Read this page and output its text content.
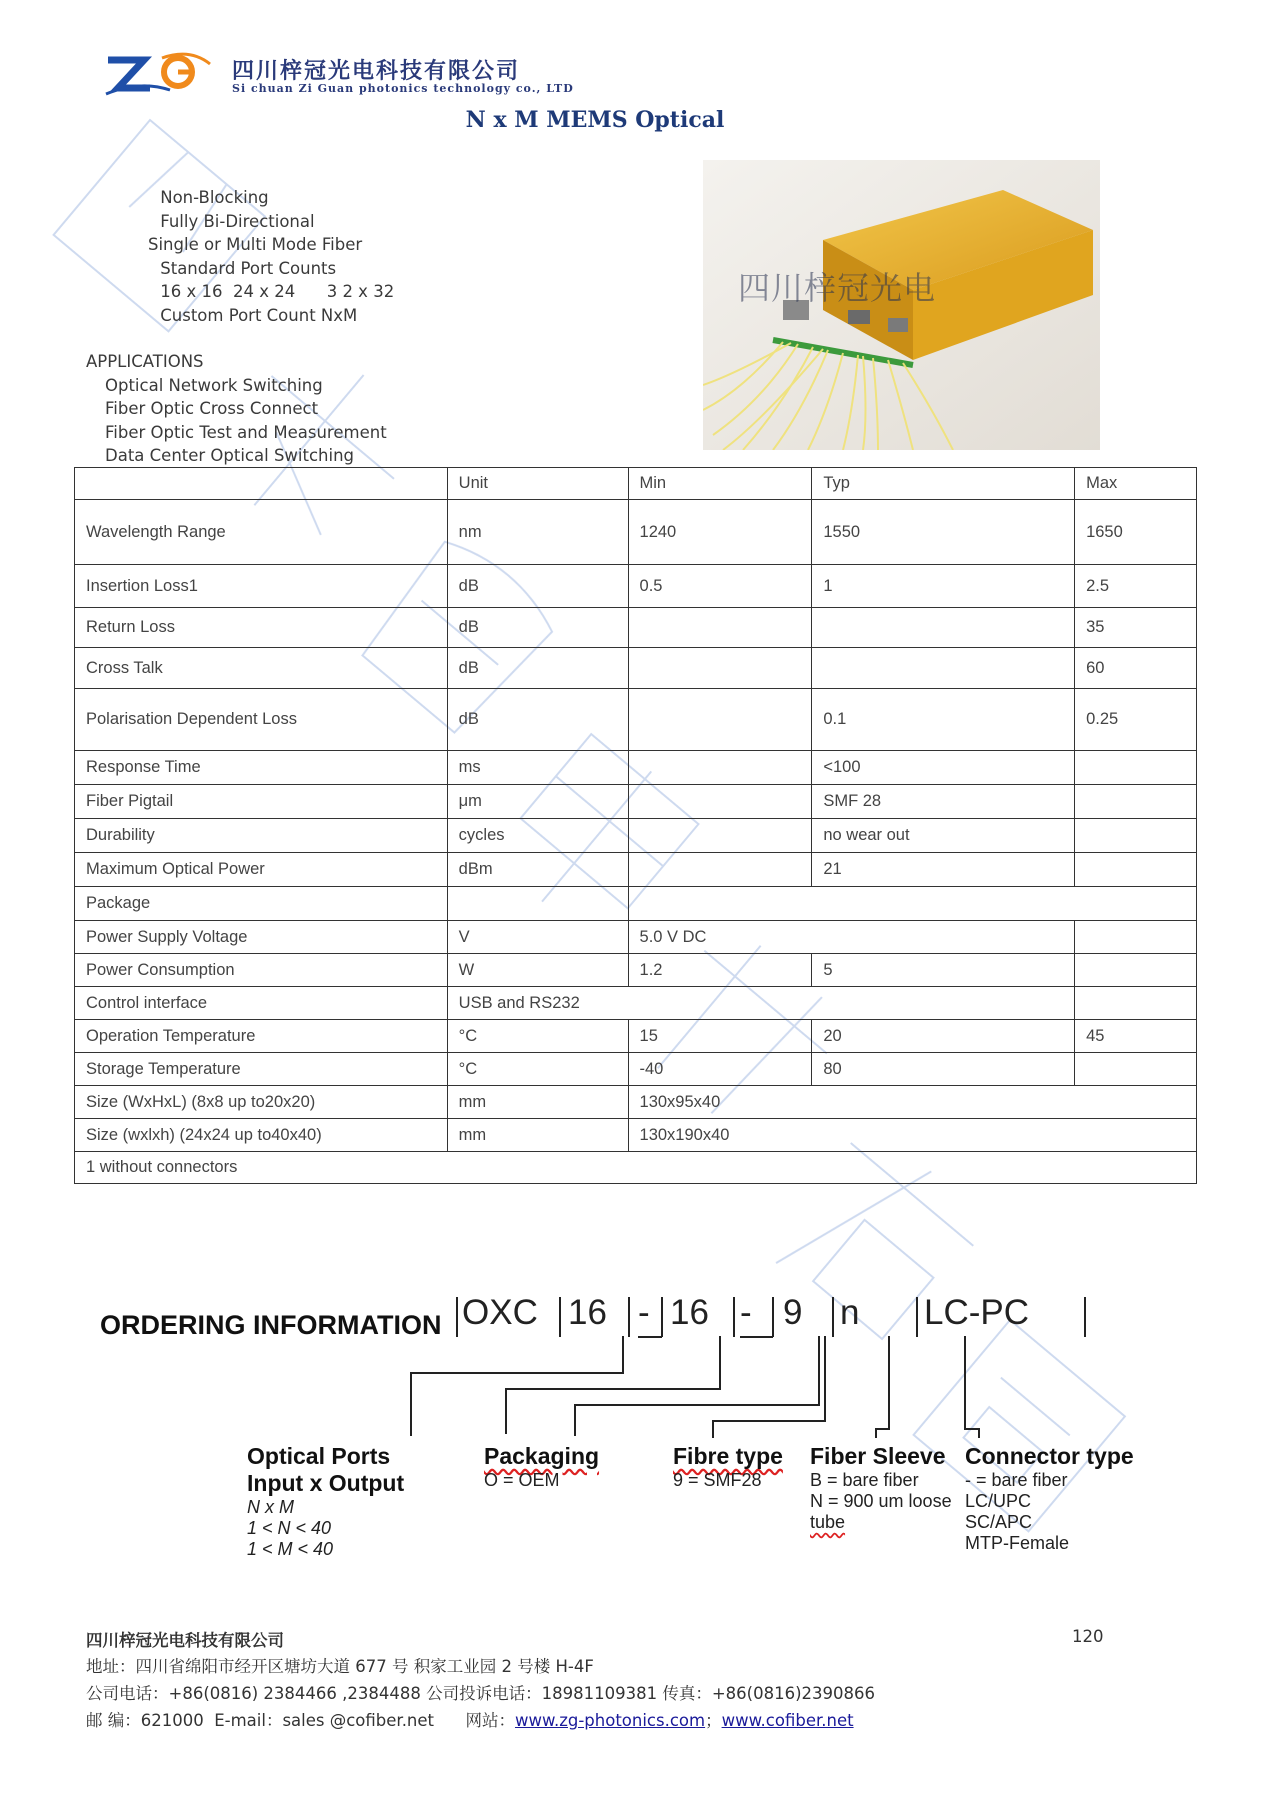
四川梓冠光电科技有限公司
Si chuan Zi Guan photonics technology co., LTD
N x M MEMS Optical
Non-Blocking
Fully Bi-Directional
Single or Multi Mode Fiber
Standard Port Counts
16 x 16  24 x 24      3 2 x 32
Custom Port Count NxM
APPLICATIONS
Optical Network Switching
Fiber Optic Cross Connect
Fiber Optic Test and Measurement
Data Center Optical Switching
四川梓冠光电
	Unit	Min	Typ	Max
Wavelength Range	nm	1240	1550	1650
Insertion Loss1	dB	0.5	1	2.5
Return Loss	dB			35
Cross Talk	dB			60
Polarisation Dependent Loss	dB		0.1	0.25
Response Time	ms		<100	
Fiber Pigtail	μm		SMF 28	
Durability	cycles		no wear out	
Maximum Optical Power	dBm		21	
Package				
Power Supply Voltage	V	5.0 V DC		
Power Consumption	W	1.2	5	
Control interface	USB and RS232			
Operation Temperature	°C	15	20	45
Storage Temperature	°C	-40	80	
Size (WxHxL) (8x8 up to20x20)	mm	130x95x40		
Size (wxlxh) (24x24 up to40x40)	mm	130x190x40		
1 without connectors				
ORDERING INFORMATION OXC 16 - 16 - 9 n LC-PC
Optical Ports
Input x Output
N x M
1 < N < 40
1 < M < 40
Packaging
O = OEM
Fibre type
9 = SMF28
Fiber Sleeve
B = bare fiber
N = 900 um loose
tube
Connector type
- = bare fiber
LC/UPC
SC/APC
MTP-Female
四川梓冠光电科技有限公司	120
地址：四川省绵阳市经开区塘坊大道 677 号 积家工业园 2 号楼 H-4F
公司电话：+86(0816) 2384466 ,2384488 公司投诉电话：18981109381 传真：+86(0816)2390866
邮 编：621000  E-mail：sales @cofiber.net      网站：www.zg-photonics.com；www.cofiber.net
